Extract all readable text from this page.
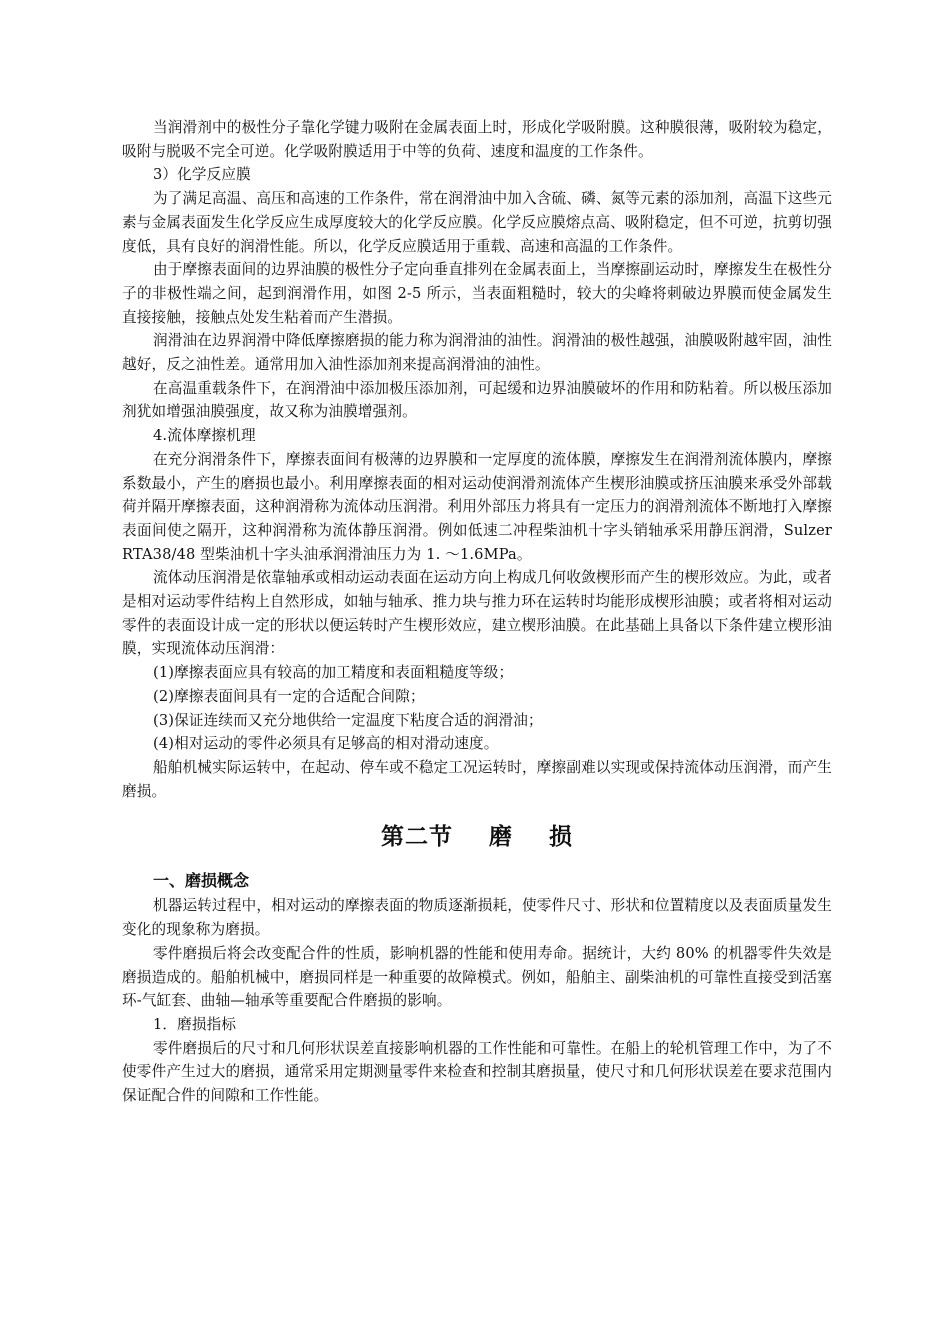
当润滑剂中的极性分子靠化学键力吸附在金属表面上时，形成化学吸附膜。这种膜很薄，吸附较为稳定，吸附与脱吸不完全可逆。化学吸附膜适用于中等的负荷、速度和温度的工作条件。

3）化学反应膜

为了满足高温、高压和高速的工作条件，常在润滑油中加入含硫、磷、氮等元素的添加剂，高温下这些元素与金属表面发生化学反应生成厚度较大的化学反应膜。化学反应膜熔点高、吸附稳定，但不可逆，抗剪切强度低，具有良好的润滑性能。所以，化学反应膜适用于重载、高速和高温的工作条件。

由于摩擦表面间的边界油膜的极性分子定向垂直排列在金属表面上，当摩擦副运动时，摩擦发生在极性分子的非极性端之间，起到润滑作用，如图 2-5 所示，当表面粗糙时，较大的尖峰将刺破边界膜而使金属发生直接接触，接触点处发生粘着而产生潜损。

润滑油在边界润滑中降低摩擦磨损的能力称为润滑油的油性。润滑油的极性越强，油膜吸附越牢固，油性越好，反之油性差。通常用加入油性添加剂来提高润滑油的油性。

在高温重载条件下，在润滑油中添加极压添加剂，可起缓和边界油膜破坏的作用和防粘着。所以极压添加剂犹如增强油膜强度，故又称为油膜增强剂。

4.流体摩擦机理

在充分润滑条件下，摩擦表面间有极薄的边界膜和一定厚度的流体膜，摩擦发生在润滑剂流体膜内，摩擦系数最小，产生的磨损也最小。利用摩擦表面的相对运动使润滑剂流体产生楔形油膜或挤压油膜来承受外部载荷并隔开摩擦表面，这种润滑称为流体动压润滑。利用外部压力将具有一定压力的润滑剂流体不断地打入摩擦表面间使之隔开，这种润滑称为流体静压润滑。例如低速二冲程柴油机十字头销轴承采用静压润滑，Sulzer RTA38/48 型柴油机十字头油承润滑油压力为 1. ～1.6MPa。

流体动压润滑是依靠轴承或相动运动表面在运动方向上构成几何收敛楔形而产生的楔形效应。为此，或者是相对运动零件结构上自然形成，如轴与轴承、推力块与推力环在运转时均能形成楔形油膜；或者将相对运动零件的表面设计成一定的形状以便运转时产生楔形效应，建立楔形油膜。在此基础上具备以下条件建立楔形油膜，实现流体动压润滑：

(1)摩擦表面应具有较高的加工精度和表面粗糙度等级；

(2)摩擦表面间具有一定的合适配合间隙；

(3)保证连续而又充分地供给一定温度下粘度合适的润滑油；

(4)相对运动的零件必须具有足够高的相对滑动速度。

船舶机械实际运转中，在起动、停车或不稳定工况运转时，摩擦副难以实现或保持流体动压润滑，而产生磨损。

第二节    磨    损
一、磨损概念

机器运转过程中，相对运动的摩擦表面的物质逐渐损耗，使零件尺寸、形状和位置精度以及表面质量发生变化的现象称为磨损。

零件磨损后将会改变配合件的性质，影响机器的性能和使用寿命。据统计，大约 80% 的机器零件失效是磨损造成的。船舶机械中，磨损同样是一种重要的故障模式。例如，船舶主、副柴油机的可靠性直接受到活塞环-气缸套、曲轴—轴承等重要配合件磨损的影响。

1．磨损指标

零件磨损后的尺寸和几何形状误差直接影响机器的工作性能和可靠性。在船上的轮机管理工作中，为了不使零件产生过大的磨损，通常采用定期测量零件来检查和控制其磨损量，使尺寸和几何形状误差在要求范围内保证配合件的间隙和工作性能。
